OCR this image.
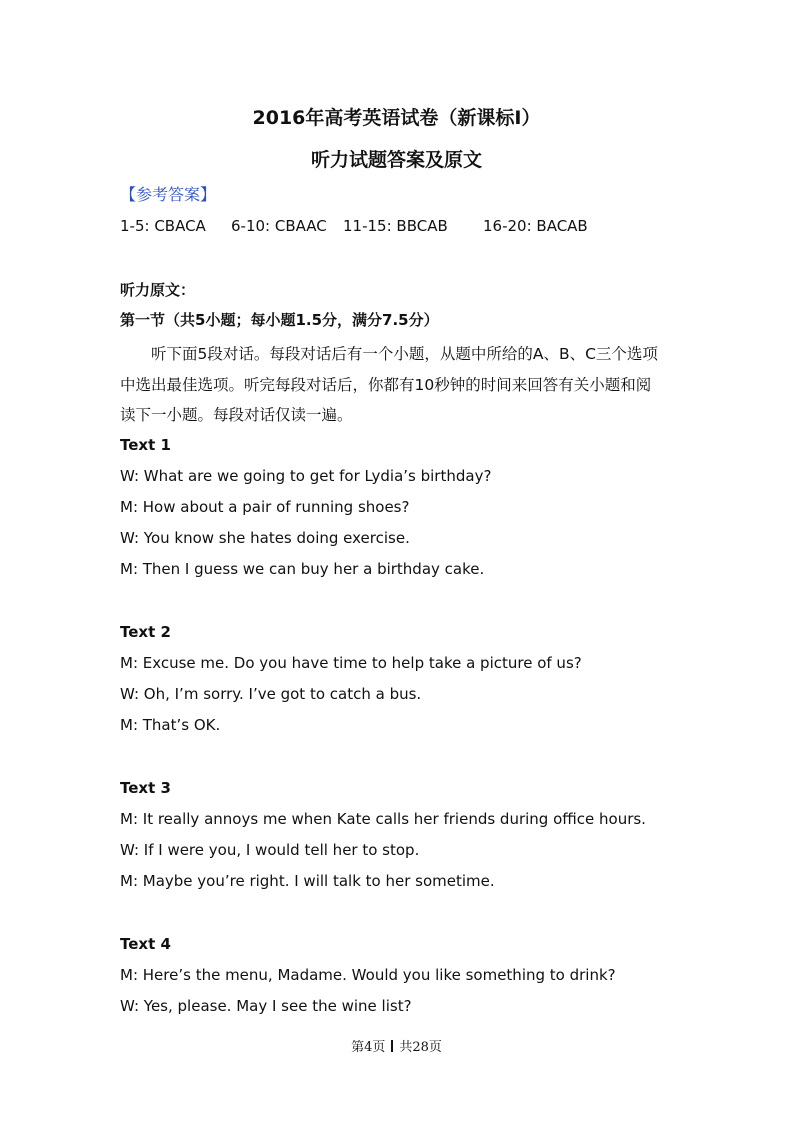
2016年高考英语试卷（新课标Ⅰ）
听力试题答案及原文
【参考答案】
1-5: CBACA 6-10: CBAAC 11-15: BBCAB 16-20: BACAB
听力原文：
第一节（共5小题；每小题1.5分，满分7.5分）
听下面5段对话。每段对话后有一个小题，从题中所给的A、B、C三个选项
中选出最佳选项。听完每段对话后，你都有10秒钟的时间来回答有关小题和阅
读下一小题。每段对话仅读一遍。
Text 1
W: What are we going to get for Lydia’s birthday?
M: How about a pair of running shoes?
W: You know she hates doing exercise.
M: Then I guess we can buy her a birthday cake.
Text 2
M: Excuse me. Do you have time to help take a picture of us?
W: Oh, I’m sorry. I’ve got to catch a bus.
M: That’s OK.
Text 3
M: It really annoys me when Kate calls her friends during office hours.
W: If I were you, I would tell her to stop.
M: Maybe you’re right. I will talk to her sometime.
Text 4
M: Here’s the menu, Madame. Would you like something to drink?
W: Yes, please. May I see the wine list?
第4页 共28页
